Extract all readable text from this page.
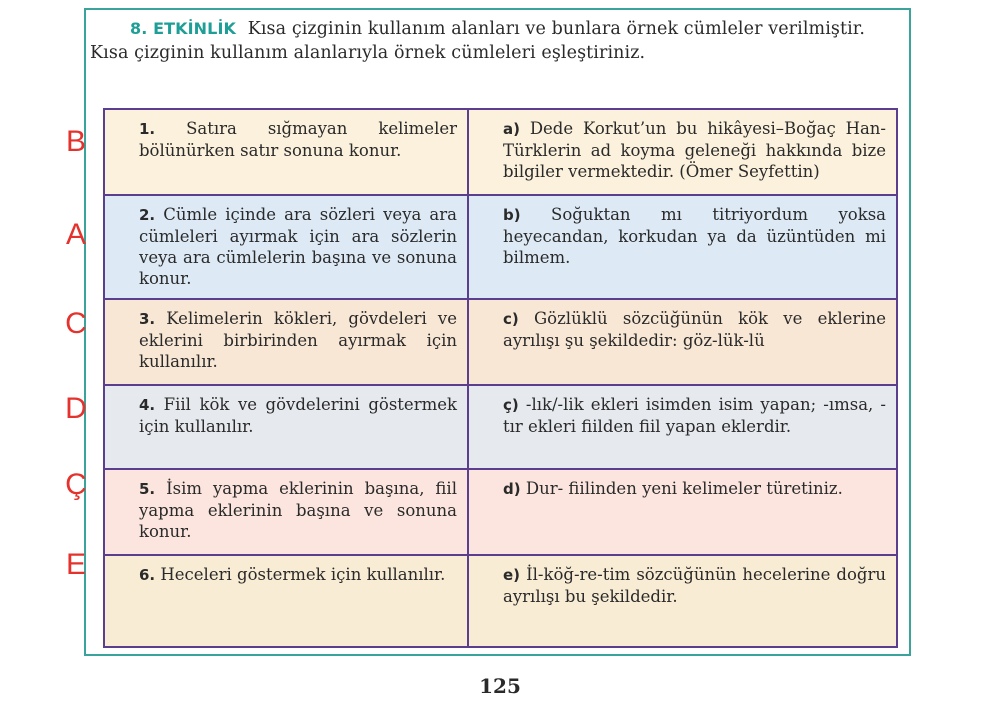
8. ETKİNLİK Kısa çizginin kullanım alanları ve bunlara örnek cümleler verilmiştir.
Kısa çizginin kullanım alanlarıyla örnek cümleleri eşleştiriniz.
1. Satıra sığmayan kelimeler bölünürken satır sonuna konur.	a) Dede Korkut’un bu hikâyesi–Boğaç Han-Türklerin ad koyma geleneği hakkında bize bilgiler vermektedir. (Ömer Seyfettin)

2. Cümle içinde ara sözleri veya ara cümleleri ayırmak için ara sözlerin veya ara cümlelerin başına ve sonuna konur.	b) Soğuktan mı titriyordum yoksa heyecandan, korkudan ya da üzüntüden mi bilmem.

3. Kelimelerin kökleri, gövdeleri ve eklerini birbirinden ayırmak için kullanılır.	c) Gözlüklü sözcüğünün kök ve eklerine ayrılışı şu şekildedir: göz-lük-lü

4. Fiil kök ve gövdelerini göstermek için kullanılır.	ç) -lık/-lik ekleri isimden isim yapan; -ımsa, -tır ekleri fiilden fiil yapan eklerdir.

5. İsim yapma eklerinin başına, fiil yapma eklerinin başına ve sonuna konur.	d) Dur- fiilinden yeni kelimeler türetiniz.

6. Heceleri göstermek için kullanılır.	e) İl-köğ-re-tim sözcüğünün hecelerine doğru ayrılışı bu şekildedir.
B
A
C
D
Ç
E
125
